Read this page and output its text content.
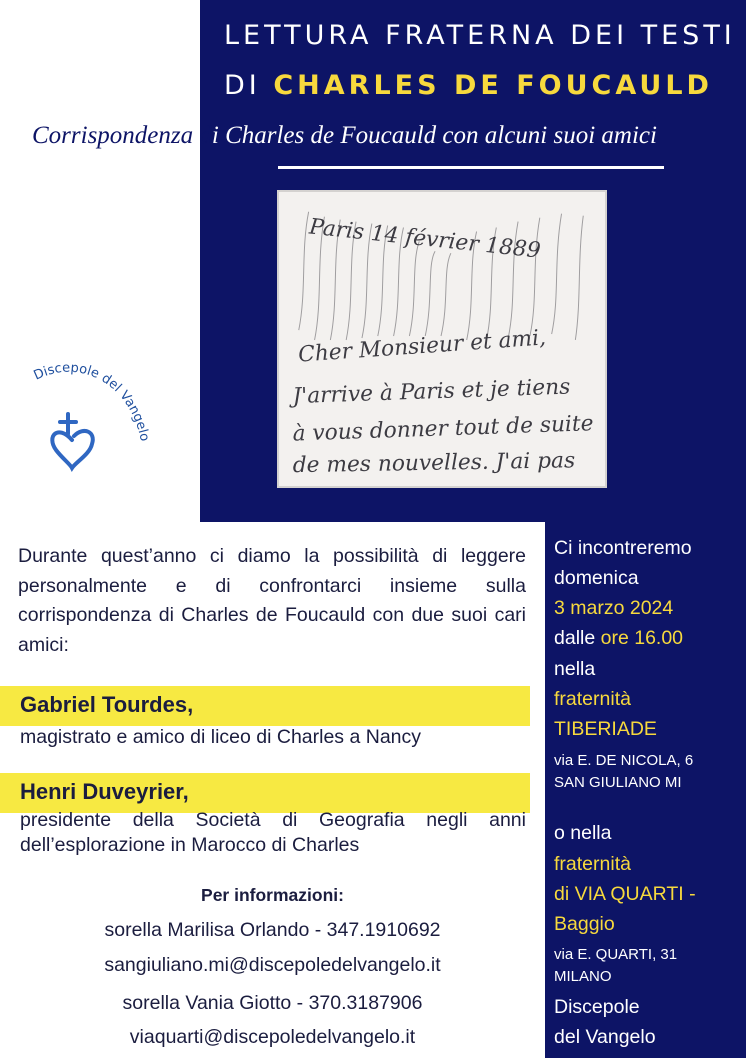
LETTURA FRATERNA DEI TESTI
DI CHARLES DE FOUCAULD
Corrispondenza di Charles de Foucauld con alcuni suoi amici
Paris 14 février 1889
Cher Monsieur et ami,
J'arrive à Paris et je tiens
à vous donner tout de suite
de mes nouvelles. J'ai pas
Discepole del Vangelo
Durante quest’anno ci diamo la possibilità di leggere personalmente e di confrontarci insieme sulla corrispondenza di Charles de Foucauld con due suoi cari amici:
Gabriel Tourdes,
magistrato e amico di liceo di Charles a Nancy
Henri Duveyrier,
presidente della Società di Geografia negli anni dell’esplorazione in Marocco di Charles
Per informazioni:
sorella Marilisa Orlando - 347.1910692
sangiuliano.mi@discepoledelvangelo.it
sorella Vania Giotto - 370.3187906
viaquarti@discepoledelvangelo.it
Ci incontreremo
domenica
3 marzo 2024
dalle ore 16.00
nella
fraternità
TIBERIADE
via E. DE NICOLA, 6
SAN GIULIANO MI
o nella
fraternità
di VIA QUARTI -
Baggio
via E. QUARTI, 31
MILANO
Discepole
del Vangelo
